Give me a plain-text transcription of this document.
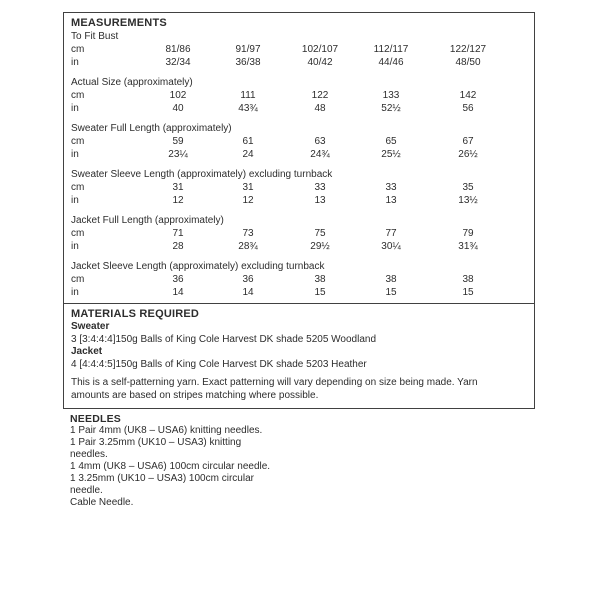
MEASUREMENTS
To Fit Bust
cm	81/86	91/97	102/107	112/117	122/127
in	32/34	36/38	40/42	44/46	48/50
Actual Size (approximately)
cm	102	111	122	133	142
in	40	43¾	48	52½	56
Sweater Full Length (approximately)
cm	59	61	63	65	67
in	23¼	24	24¾	25½	26½
Sweater Sleeve Length (approximately) excluding turnback
cm	31	31	33	33	35
in	12	12	13	13	13½
Jacket Full Length (approximately)
cm	71	73	75	77	79
in	28	28¾	29½	30¼	31¾
Jacket Sleeve Length (approximately) excluding turnback
cm	36	36	38	38	38
in	14	14	15	15	15
MATERIALS REQUIRED
Sweater
3 [3:4:4:4]150g Balls of King Cole Harvest DK shade 5205 Woodland
Jacket
4 [4:4:4:5]150g Balls of King Cole Harvest DK shade 5203 Heather
This is a self-patterning yarn. Exact patterning will vary depending on size being made. Yarn
amounts are based on stripes matching where possible.
NEEDLES
1 Pair 4mm (UK8 – USA6) knitting needles.
1 Pair 3.25mm (UK10 – USA3) knitting
needles.
1 4mm (UK8 – USA6) 100cm circular needle.
1 3.25mm (UK10 – USA3) 100cm circular
needle.
Cable Needle.
